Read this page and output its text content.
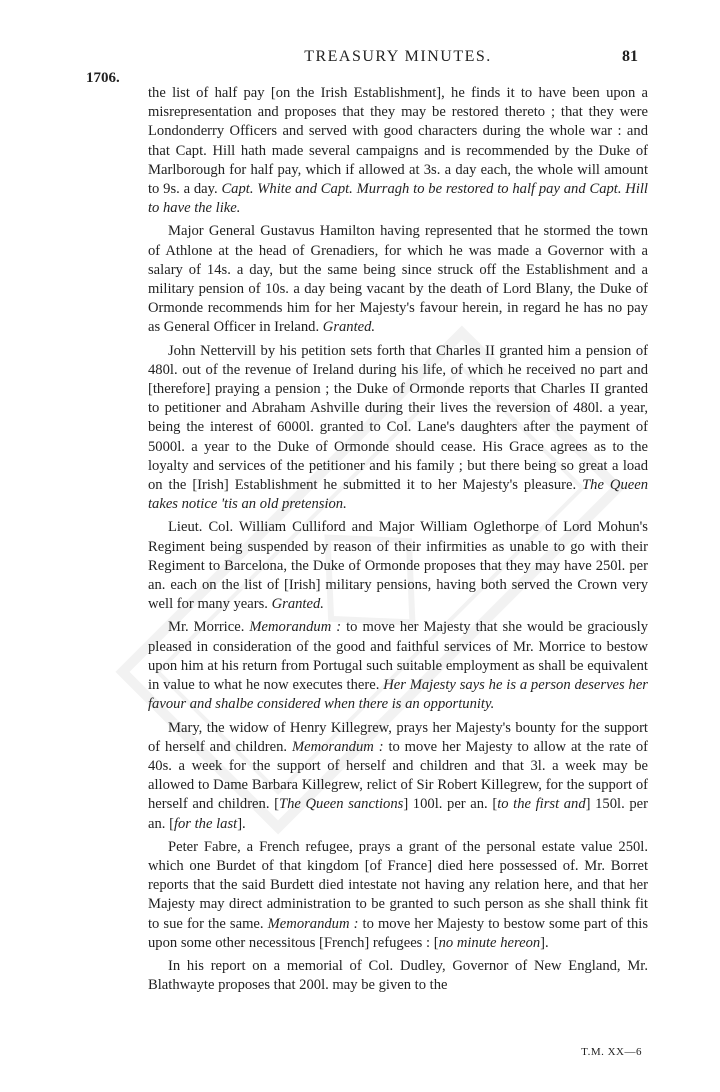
TREASURY MINUTES.	81
1706.

the list of half pay [on the Irish Establishment], he finds it to have been upon a misrepresentation and proposes that they may be restored thereto ; that they were Londonderry Officers and served with good characters during the whole war : and that Capt. Hill hath made several campaigns and is recommended by the Duke of Marlborough for half pay, which if allowed at 3s. a day each, the whole will amount to 9s. a day. Capt. White and Capt. Murragh to be restored to half pay and Capt. Hill to have the like.

Major General Gustavus Hamilton having represented that he stormed the town of Athlone at the head of Grenadiers, for which he was made a Governor with a salary of 14s. a day, but the same being since struck off the Establishment and a military pension of 10s. a day being vacant by the death of Lord Blany, the Duke of Ormonde recommends him for her Majesty's favour herein, in regard he has no pay as General Officer in Ireland. Granted.

John Nettervill by his petition sets forth that Charles II granted him a pension of 480l. out of the revenue of Ireland during his life, of which he received no part and [therefore] praying a pension ; the Duke of Ormonde reports that Charles II granted to petitioner and Abraham Ashville during their lives the reversion of 480l. a year, being the interest of 6000l. granted to Col. Lane's daughters after the payment of 5000l. a year to the Duke of Ormonde should cease. His Grace agrees as to the loyalty and services of the petitioner and his family ; but there being so great a load on the [Irish] Establishment he submitted it to her Majesty's pleasure. The Queen takes notice 'tis an old pretension.

Lieut. Col. William Culliford and Major William Oglethorpe of Lord Mohun's Regiment being suspended by reason of their infirmities as unable to go with their Regiment to Barcelona, the Duke of Ormonde proposes that they may have 250l. per an. each on the list of [Irish] military pensions, having both served the Crown very well for many years. Granted.

Mr. Morrice. Memorandum : to move her Majesty that she would be graciously pleased in consideration of the good and faithful services of Mr. Morrice to bestow upon him at his return from Portugal such suitable employment as shall be equivalent in value to what he now executes there. Her Majesty says he is a person deserves her favour and shalbe considered when there is an opportunity.

Mary, the widow of Henry Killegrew, prays her Majesty's bounty for the support of herself and children. Memorandum : to move her Majesty to allow at the rate of 40s. a week for the support of herself and children and that 3l. a week may be allowed to Dame Barbara Killegrew, relict of Sir Robert Killegrew, for the support of herself and children. [The Queen sanctions] 100l. per an. [to the first and] 150l. per an. [for the last].

Peter Fabre, a French refugee, prays a grant of the personal estate value 250l. which one Burdet of that kingdom [of France] died here possessed of. Mr. Borret reports that the said Burdett died intestate not having any relation here, and that her Majesty may direct administration to be granted to such person as she shall think fit to sue for the same. Memorandum : to move her Majesty to bestow some part of this upon some other necessitous [French] refugees : [no minute hereon].

In his report on a memorial of Col. Dudley, Governor of New England, Mr. Blathwayte proposes that 200l. may be given to the

T.M. XX—6
